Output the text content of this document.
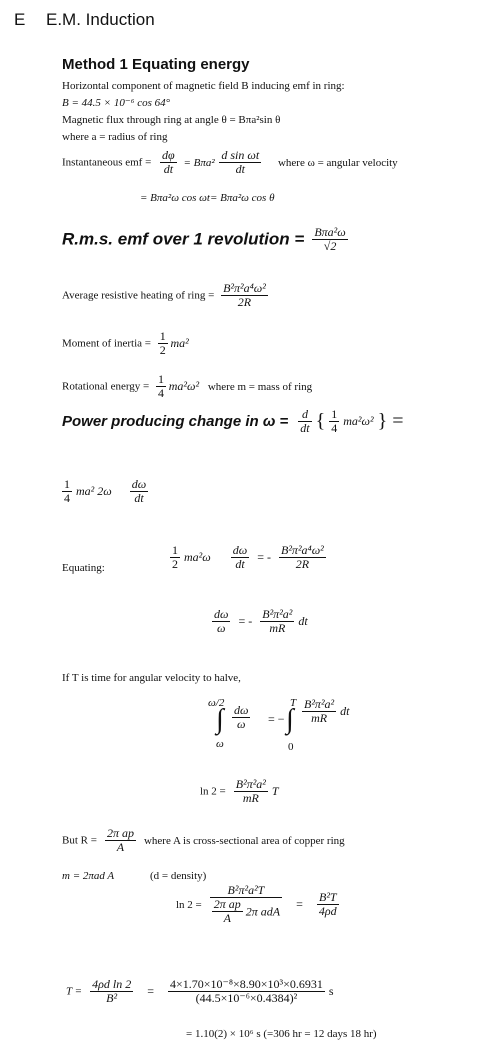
E E.M. Induction
Method 1 Equating energy
Horizontal component of magnetic field B inducing emf in ring:
B = 44.5 × 10⁻⁶ cos 64°
Magnetic flux through ring at angle θ = Bπa²sin θ
where a = radius of ring
Instantaneous emf = $\frac{d\varphi}{dt} = B\pi a^2 \frac{\text{d sin ωt}}{dt}$ where ω = angular velocity
= Bπa²ω cos ωt= Bπa²ω cos θ
R.m.s. emf over 1 revolution = $\frac{\text{Bπa²ω}}{√2}$
Average resistive heating of ring = $\frac{\text{B²π²a⁴ω²}}{2R}$
Moment of inertia = $\frac{1}{2} ma^2$
Rotational energy = $\frac{1}{4} ma^2\omega^2$ where m = mass of ring
Power producing change in $\omega = \frac{d}{dt}$ { $\frac{1}{4} ma^2\omega^2$ } =
$\frac{1}{4} ma^2$ $2\omega \frac{d\omega}{dt}$
Equating:	$\frac{1}{2} ma^2\omega \frac{d\omega}{dt}$ = - $\frac{\text{B²π²a⁴ω²}}{2R}$
$\frac{d\omega}{\omega}$ = - $\frac{\text{B²π²a²}}{mR}$ dt
If T is time for angular velocity to halve,
ω/2
∫
ω
$\frac{d\omega}{\omega}$ = −
T
∫
0
$\frac{\text{B²π²a²}}{mR}$ dt
$\ln 2 = \frac{\text{B²π²a²}}{mR}$ T
But $R = \frac{\text{2π ap}}{A}$ where A is cross-sectional area of copper ring
m = 2πad A	(d = density)
$\ln 2 = \frac{\text{B²π²a²T}}{\frac{\text{2π ap}}{A} 2\pi adA} = \frac{\text{B²T}}{4\rho d}$
$T = \frac{\text{4ρd ln 2}}{\text{B²}} = \frac{\text{4×1.70×10⁻⁸×8.90×10³×0.6931}}{\text{(44.5×10⁻⁶×0.4384)²}}$ s
= 1.10(2) × 10⁶ s (=306 hr = 12 days 18 hr)
